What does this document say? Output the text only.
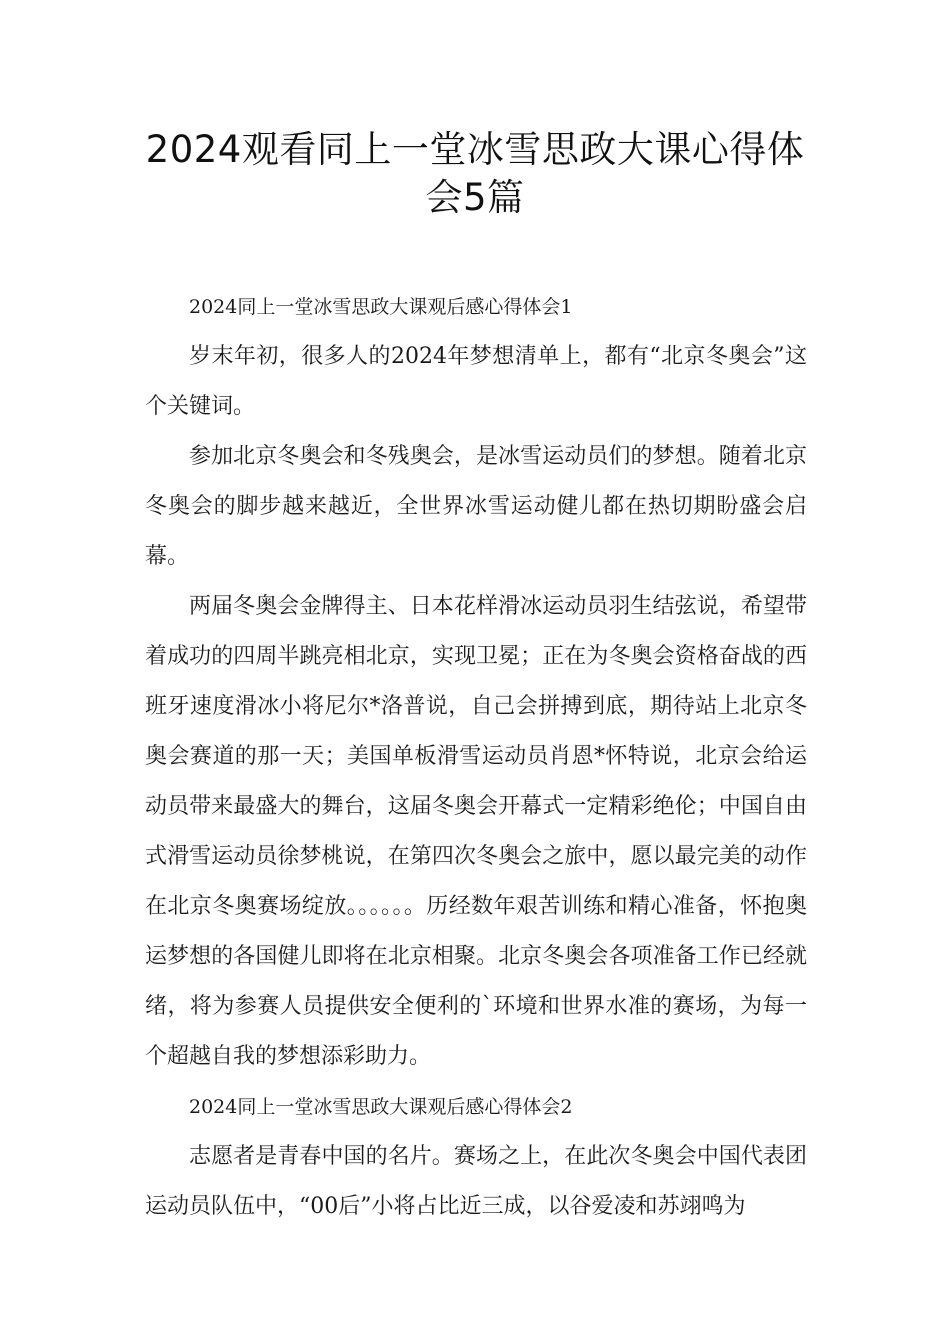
2024观看同上一堂冰雪思政大课心得体会5篇

2024同上一堂冰雪思政大课观后感心得体会1

岁末年初，很多人的2024年梦想清单上，都有“北京冬奥会”这个关键词。

参加北京冬奥会和冬残奥会，是冰雪运动员们的梦想。随着北京冬奥会的脚步越来越近，全世界冰雪运动健儿都在热切期盼盛会启幕。

两届冬奥会金牌得主、日本花样滑冰运动员羽生结弦说，希望带着成功的四周半跳亮相北京，实现卫冕；正在为冬奥会资格奋战的西班牙速度滑冰小将尼尔*洛普说，自己会拼搏到底，期待站上北京冬奥会赛道的那一天；美国单板滑雪运动员肖恩*怀特说，北京会给运动员带来最盛大的舞台，这届冬奥会开幕式一定精彩绝伦；中国自由式滑雪运动员徐梦桃说，在第四次冬奥会之旅中，愿以最完美的动作在北京冬奥赛场绽放。。。。。。历经数年艰苦训练和精心准备，怀抱奥运梦想的各国健儿即将在北京相聚。北京冬奥会各项准备工作已经就绪，将为参赛人员提供安全便利的`环境和世界水准的赛场，为每一个超越自我的梦想添彩助力。

2024同上一堂冰雪思政大课观后感心得体会2

志愿者是青春中国的名片。赛场之上，在此次冬奥会中国代表团运动员队伍中，“00后”小将占比近三成，以谷爱凌和苏翊鸣为
